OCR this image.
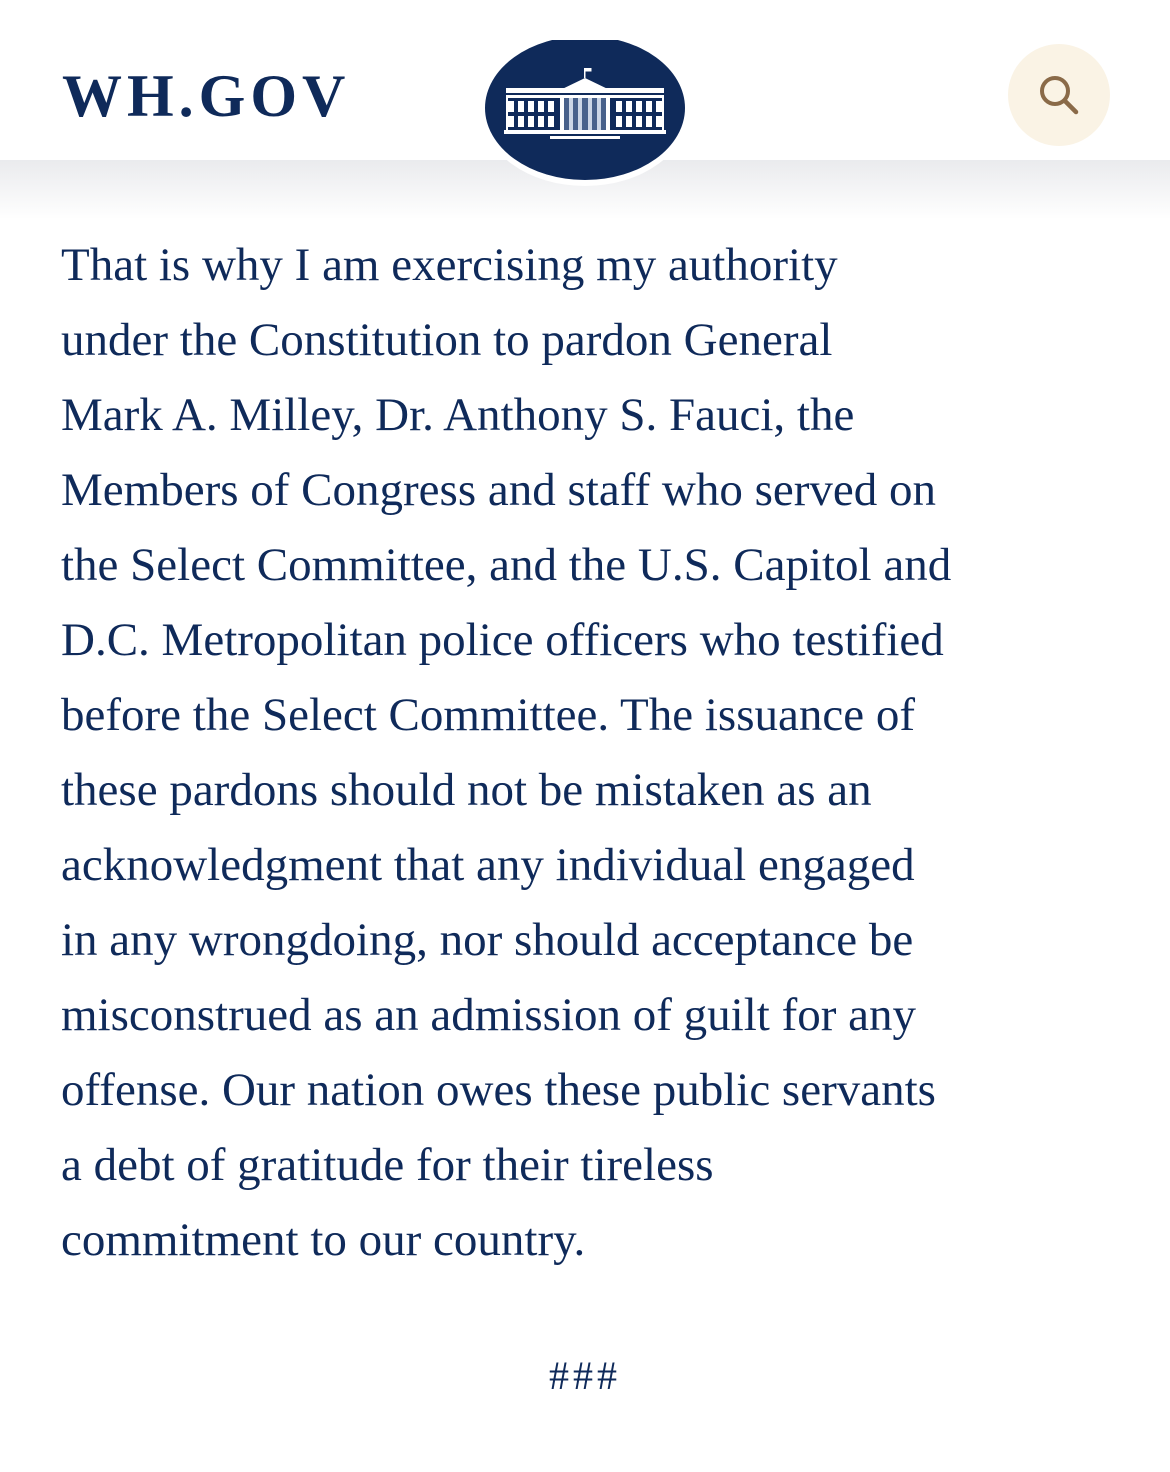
WH.GOV
That is why I am exercising my authority
under the Constitution to pardon General
Mark A. Milley, Dr. Anthony S. Fauci, the
Members of Congress and staff who served on
the Select Committee, and the U.S. Capitol and
D.C. Metropolitan police officers who testified
before the Select Committee. The issuance of
these pardons should not be mistaken as an
acknowledgment that any individual engaged
in any wrongdoing, nor should acceptance be
misconstrued as an admission of guilt for any
offense. Our nation owes these public servants
a debt of gratitude for their tireless
commitment to our country.
###
